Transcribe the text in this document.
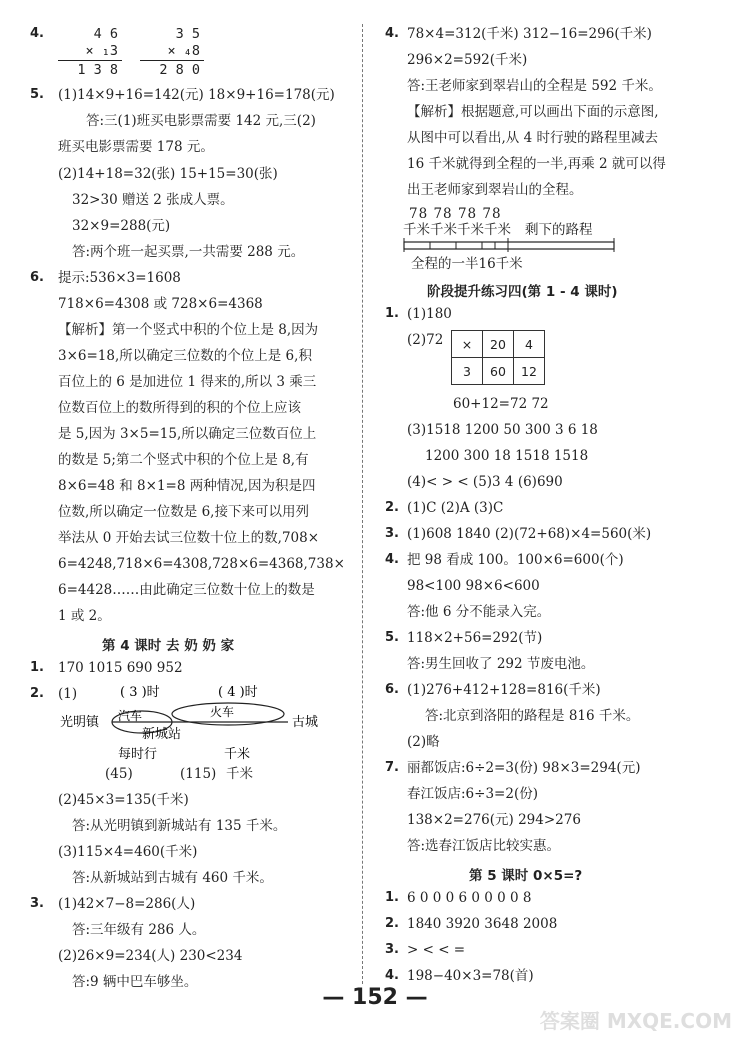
4.	4 6
× ₁3
1 3 8
3 5
× ₄8
2 8 0
5. (1)14×9+16=142(元) 18×9+16=178(元)
答:三(1)班买电影票需要 142 元,三(2)
班买电影票需要 178 元。
(2)14+18=32(张) 15+15=30(张)
32>30 赠送 2 张成人票。
32×9=288(元)
答:两个班一起买票,一共需要 288 元。
6. 提示:536×3=1608
718×6=4308 或 728×6=4368
【解析】第一个竖式中积的个位上是 8,因为
3×6=18,所以确定三位数的个位上是 6,积
百位上的 6 是加进位 1 得来的,所以 3 乘三
位数百位上的数所得到的积的个位上应该
是 5,因为 3×5=15,所以确定三位数百位上
的数是 5;第二个竖式中积的个位上是 8,有
8×6=48 和 8×1=8 两种情况,因为积是四
位数,所以确定一位数是 6,接下来可以用列
举法从 0 开始去试三位数十位上的数,708×
6=4248,718×6=4308,728×6=4368,738×
6=4428……由此确定三位数十位上的数是
1 或 2。
第 4 课时 去 奶 奶 家
1. 170 1015 690 952
2. (1)	( 3 )时	( 4 )时
光明镇 汽车	火车
新城站
古城
每时行	千米
(45)	(115) 千米
(2)45×3=135(千米)
答:从光明镇到新城站有 135 千米。
(3)115×4=460(千米)
答:从新城站到古城有 460 千米。
3. (1)42×7−8=286(人)
答:三年级有 286 人。
(2)26×9=234(人) 230<234
答:9 辆中巴车够坐。
4. 78×4=312(千米) 312−16=296(千米)
296×2=592(千米)
答:王老师家到翠岩山的全程是 592 千米。
【解析】根据题意,可以画出下面的示意图,
从图中可以看出,从 4 时行驶的路程里减去
16 千米就得到全程的一半,再乘 2 就可以得
出王老师家到翠岩山的全程。
78 78 78 78
千米千米千米千米 剩下的路程
全程的一半16千米
阶段提升练习四(第 1 - 4 课时)
1. (1)180
(2)72 ×	20	4
3	60	12
60+12=72 72
(3)1518 1200 50 300 3 6 18
1200 300 18 1518 1518
(4)< > < (5)3 4 (6)690
2. (1)C (2)A (3)C
3. (1)608 1840 (2)(72+68)×4=560(米)
4. 把 98 看成 100。100×6=600(个)
98<100 98×6<600
答:他 6 分不能录入完。
5. 118×2+56=292(节)
答:男生回收了 292 节废电池。
6. (1)276+412+128=816(千米)
答:北京到洛阳的路程是 816 千米。
(2)略
7. 丽都饭店:6÷2=3(份) 98×3=294(元)
春江饭店:6÷3=2(份)
138×2=276(元) 294>276
答:选春江饭店比较实惠。
第 5 课时 0×5=?
1. 6 0 0 0 6 0 0 0 0 8
2. 1840 3920 3648 2008
3. > < < =
4. 198−40×3=78(首)
— 152 —
答案圈 MXQE.COM
